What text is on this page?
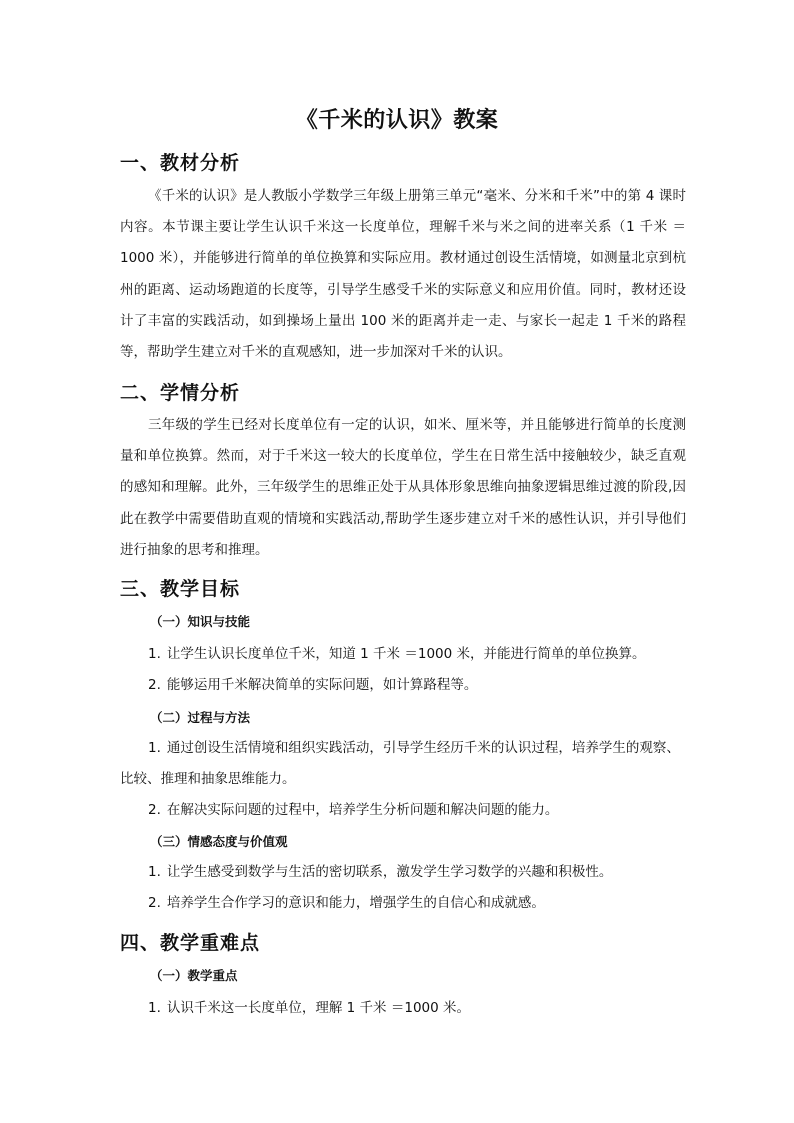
《千米的认识》教案
一、教材分析

《千米的认识》是人教版小学数学三年级上册第三单元“毫米、分米和千米”中的第 4 课时内容。本节课主要让学生认识千米这一长度单位，理解千米与米之间的进率关系（1 千米 ＝1000 米），并能够进行简单的单位换算和实际应用。教材通过创设生活情境，如测量北京到杭州的距离、运动场跑道的长度等，引导学生感受千米的实际意义和应用价值。同时，教材还设计了丰富的实践活动，如到操场上量出 100 米的距离并走一走、与家长一起走 1 千米的路程等，帮助学生建立对千米的直观感知，进一步加深对千米的认识。

二、学情分析

三年级的学生已经对长度单位有一定的认识，如米、厘米等，并且能够进行简单的长度测量和单位换算。然而，对于千米这一较大的长度单位，学生在日常生活中接触较少，缺乏直观的感知和理解。此外，三年级学生的思维正处于从具体形象思维向抽象逻辑思维过渡的阶段,因此在教学中需要借助直观的情境和实践活动,帮助学生逐步建立对千米的感性认识，并引导他们进行抽象的思考和推理。

三、教学目标
（一）知识与技能

1. 让学生认识长度单位千米，知道 1 千米 ＝1000 米，并能进行简单的单位换算。

2. 能够运用千米解决简单的实际问题，如计算路程等。

（二）过程与方法

1. 通过创设生活情境和组织实践活动，引导学生经历千米的认识过程，培养学生的观察、比较、推理和抽象思维能力。

2. 在解决实际问题的过程中，培养学生分析问题和解决问题的能力。

（三）情感态度与价值观

1. 让学生感受到数学与生活的密切联系，激发学生学习数学的兴趣和积极性。

2. 培养学生合作学习的意识和能力，增强学生的自信心和成就感。

四、教学重难点
（一）教学重点

1. 认识千米这一长度单位，理解 1 千米 ＝1000 米。
